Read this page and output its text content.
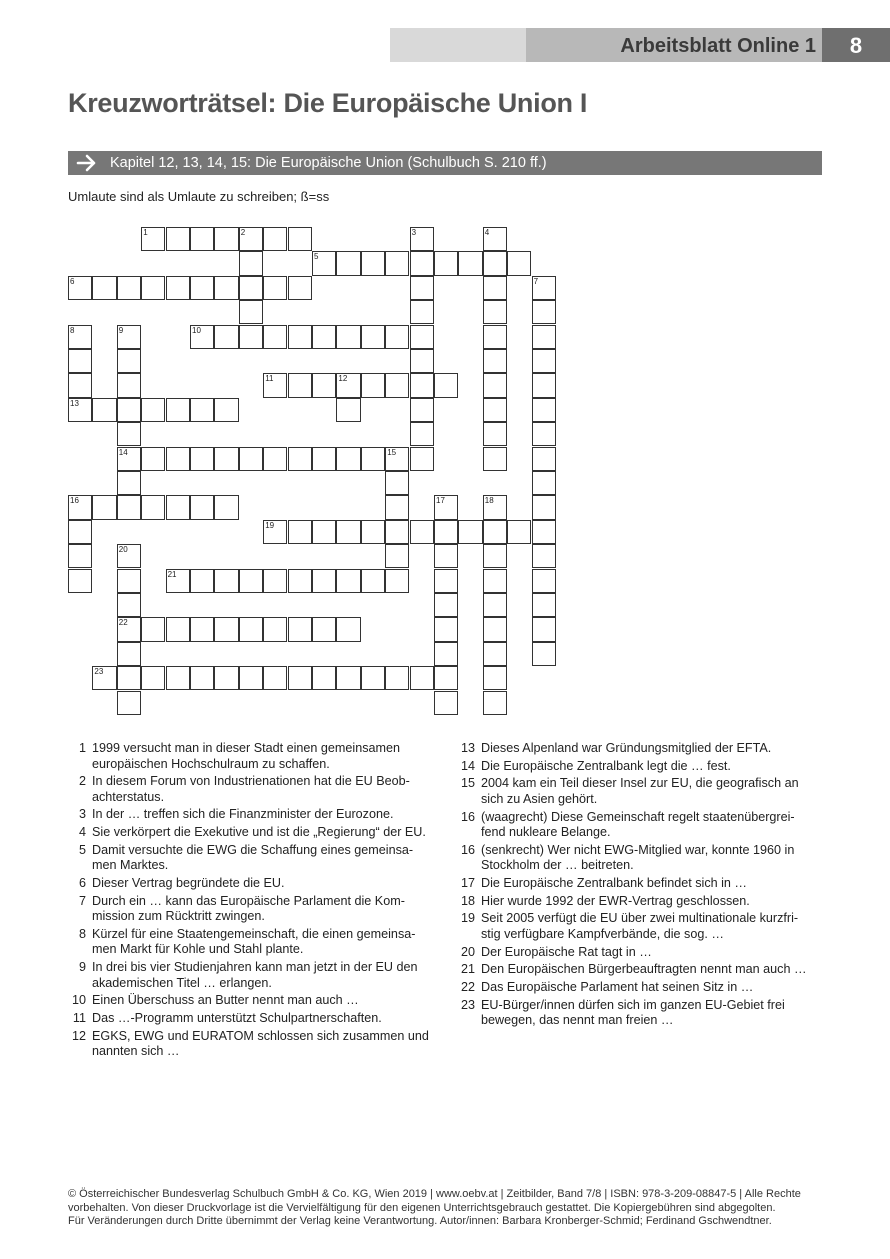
Arbeitsblatt Online 1	8
Kreuzworträtsel: Die Europäische Union I
Kapitel 12, 13, 14, 15: Die Europäische Union (Schulbuch S. 210 ff.)
Umlaute sind als Umlaute zu schreiben; ß=ss
1	2
5
6
10
11	12
13
14	15
16
19
21
22
23
3	4
7
8	9
17	18
20
1 1999 versucht man in dieser Stadt einen gemeinsamen
europäischen Hochschulraum zu schaffen.
2 In diesem Forum von Industrienationen hat die EU Beob-
achterstatus.
3 In der … treffen sich die Finanzminister der Eurozone.
4 Sie verkörpert die Exekutive und ist die „Regierung“ der EU.
5 Damit versuchte die EWG die Schaffung eines gemeinsa-
men Marktes.
6 Dieser Vertrag begründete die EU.
7 Durch ein … kann das Europäische Parlament die Kom-
mission zum Rücktritt zwingen.
8 Kürzel für eine Staatengemeinschaft, die einen gemeinsa-
men Markt für Kohle und Stahl plante.
9 In drei bis vier Studienjahren kann man jetzt in der EU den
akademischen Titel … erlangen.
10 Einen Überschuss an Butter nennt man auch …
11 Das …-Programm unterstützt Schulpartnerschaften.
12 EGKS, EWG und EURATOM schlossen sich zusammen und
nannten sich …
13 Dieses Alpenland war Gründungsmitglied der EFTA.
14 Die Europäische Zentralbank legt die … fest.
15 2004 kam ein Teil dieser Insel zur EU, die geografisch an
sich zu Asien gehört.
16 (waagrecht) Diese Gemeinschaft regelt staatenübergrei-
fend nukleare Belange.
16 (senkrecht) Wer nicht EWG-Mitglied war, konnte 1960 in
Stockholm der … beitreten.
17 Die Europäische Zentralbank befindet sich in …
18 Hier wurde 1992 der EWR-Vertrag geschlossen.
19 Seit 2005 verfügt die EU über zwei multinationale kurzfri-
stig verfügbare Kampfverbände, die sog. …
20 Der Europäische Rat tagt in …
21 Den Europäischen Bürgerbeauftragten nennt man auch …
22 Das Europäische Parlament hat seinen Sitz in …
23 EU-Bürger/innen dürfen sich im ganzen EU-Gebiet frei
bewegen, das nennt man freien …
© Österreichischer Bundesverlag Schulbuch GmbH & Co. KG, Wien 2019 | www.oebv.at | Zeitbilder, Band 7/8 | ISBN: 978-3-209-08847-5 | Alle Rechte
vorbehalten. Von dieser Druckvorlage ist die Vervielfältigung für den eigenen Unterrichtsgebrauch gestattet. Die Kopiergebühren sind abgegolten.
Für Veränderungen durch Dritte übernimmt der Verlag keine Verantwortung. Autor/innen: Barbara Kronberger-Schmid; Ferdinand Gschwendtner.
